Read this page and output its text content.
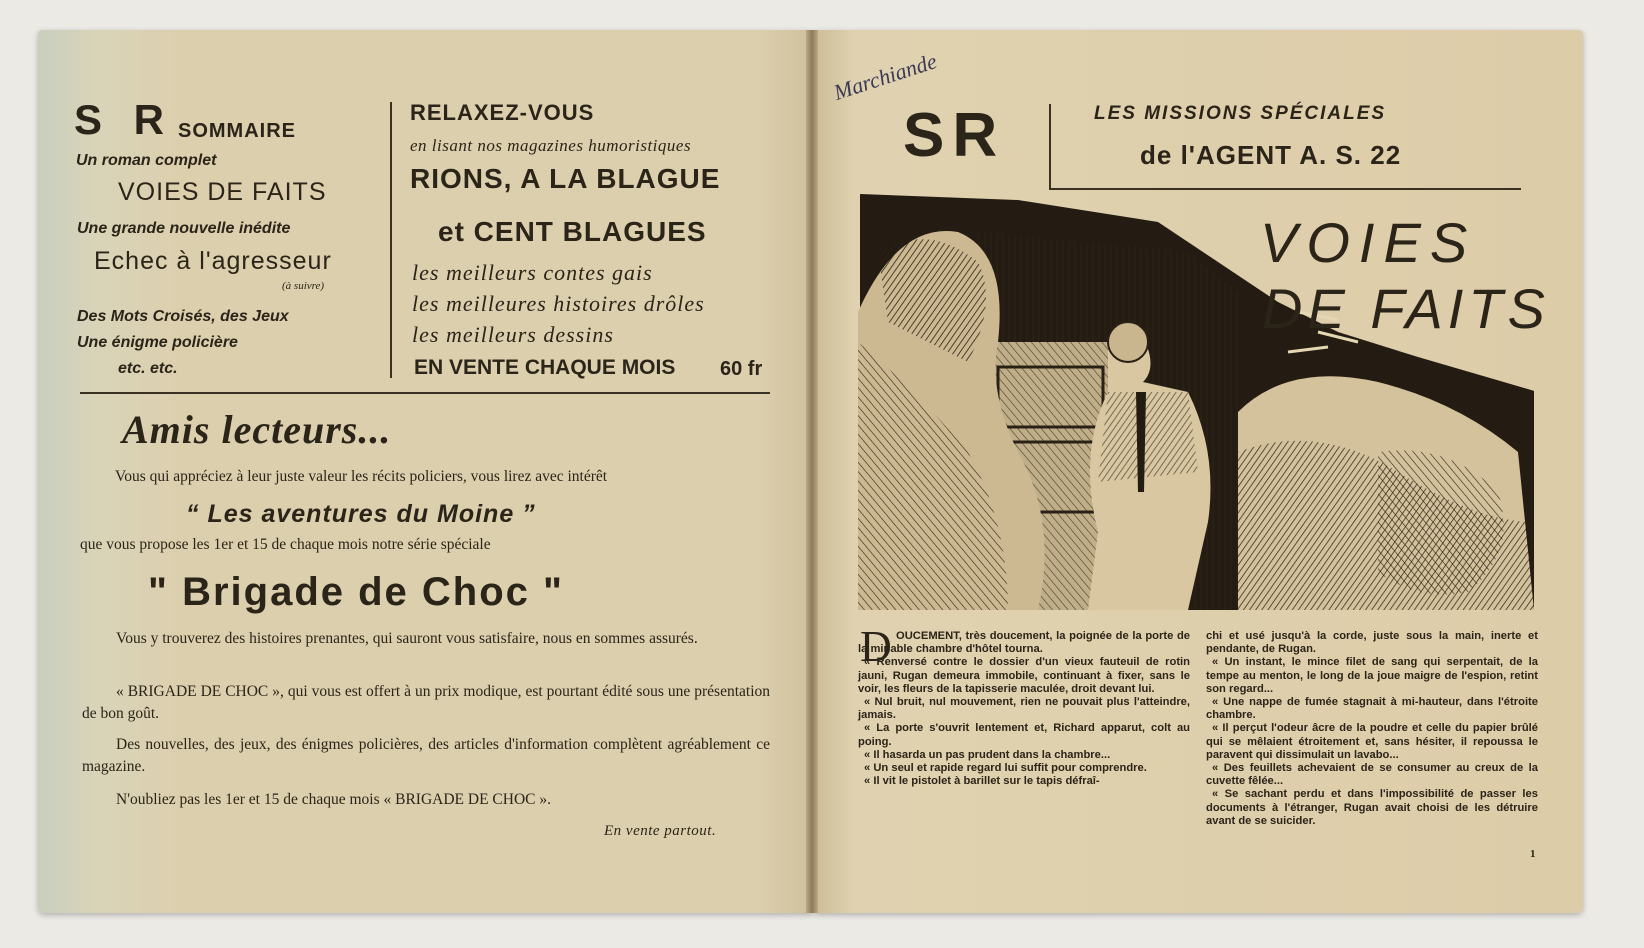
S R SOMMAIRE
Un roman complet
VOIES DE FAITS
Une grande nouvelle inédite
Echec à l'agresseur
(à suivre)
Des Mots Croisés, des Jeux
Une énigme policière
etc. etc.
RELAXEZ-VOUS
en lisant nos magazines humoristiques
RIONS, A LA BLAGUE
et CENT BLAGUES
les meilleurs contes gais
les meilleures histoires drôles
les meilleurs dessins
EN VENTE CHAQUE MOIS 60 fr
Amis lecteurs...
Vous qui appréciez à leur juste valeur les récits policiers, vous lirez avec intérêt
“ Les aventures du Moine ”
que vous propose les 1er et 15 de chaque mois notre série spéciale
" Brigade de Choc "
Vous y trouverez des histoires prenantes, qui sauront vous satisfaire, nous en sommes assurés.
« BRIGADE DE CHOC », qui vous est offert à un prix modique, est pourtant édité sous une présentation de bon goût.
Des nouvelles, des jeux, des énigmes policières, des articles d'information complètent agréablement ce magazine.
N'oubliez pas les 1er et 15 de chaque mois « BRIGADE DE CHOC ».
En vente partout.
Marchiande
SR	LES MISSIONS SPÉCIALES
de l'AGENT A. S. 22
VOIES
DE FAITS
D OUCEMENT, très doucement, la poignée de la porte de la minable chambre d'hôtel tourna.

« Renversé contre le dossier d'un vieux fauteuil de rotin jauni, Rugan demeura immobile, continuant à fixer, sans le voir, les fleurs de la tapisserie maculée, droit devant lui.

« Nul bruit, nul mouvement, rien ne pouvait plus l'atteindre, jamais.

« La porte s'ouvrit lentement et, Richard apparut, colt au poing.

« Il hasarda un pas prudent dans la chambre...

« Un seul et rapide regard lui suffit pour comprendre.

« Il vit le pistolet à barillet sur le tapis défraî-

chi et usé jusqu'à la corde, juste sous la main, inerte et pendante, de Rugan.

« Un instant, le mince filet de sang qui serpentait, de la tempe au menton, le long de la joue maigre de l'espion, retint son regard...

« Une nappe de fumée stagnait à mi-hauteur, dans l'étroite chambre.

« Il perçut l'odeur âcre de la poudre et celle du papier brûlé qui se mêlaient étroitement et, sans hésiter, il repoussa le paravent qui dissimulait un lavabo...

« Des feuillets achevaient de se consumer au creux de la cuvette fêlée...

« Se sachant perdu et dans l'impossibilité de passer les documents à l'étranger, Rugan avait choisi de les détruire avant de se suicider.

1
